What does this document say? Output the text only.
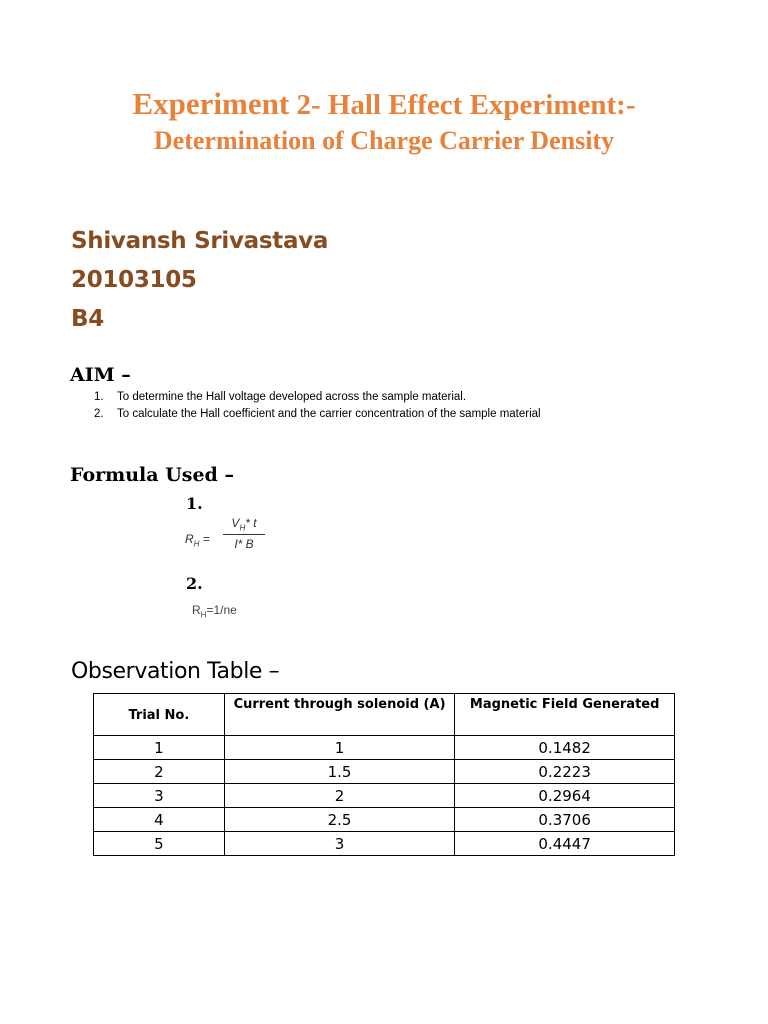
Experiment 2- Hall Effect Experiment:-
Determination of Charge Carrier Density
Shivansh Srivastava
20103105
B4
AIM –
1. To determine the Hall voltage developed across the sample material.
2. To calculate the Hall coefficient and the carrier concentration of the sample material
Formula Used –
1.
$R_H$ =
$V_H*$ t
I* B
2.
$R_H=1/ne$
Observation Table –
Trial No.	Current through solenoid (A)	Magnetic Field Generated
1	1	0.1482
2	1.5	0.2223
3	2	0.2964
4	2.5	0.3706
5	3	0.4447
